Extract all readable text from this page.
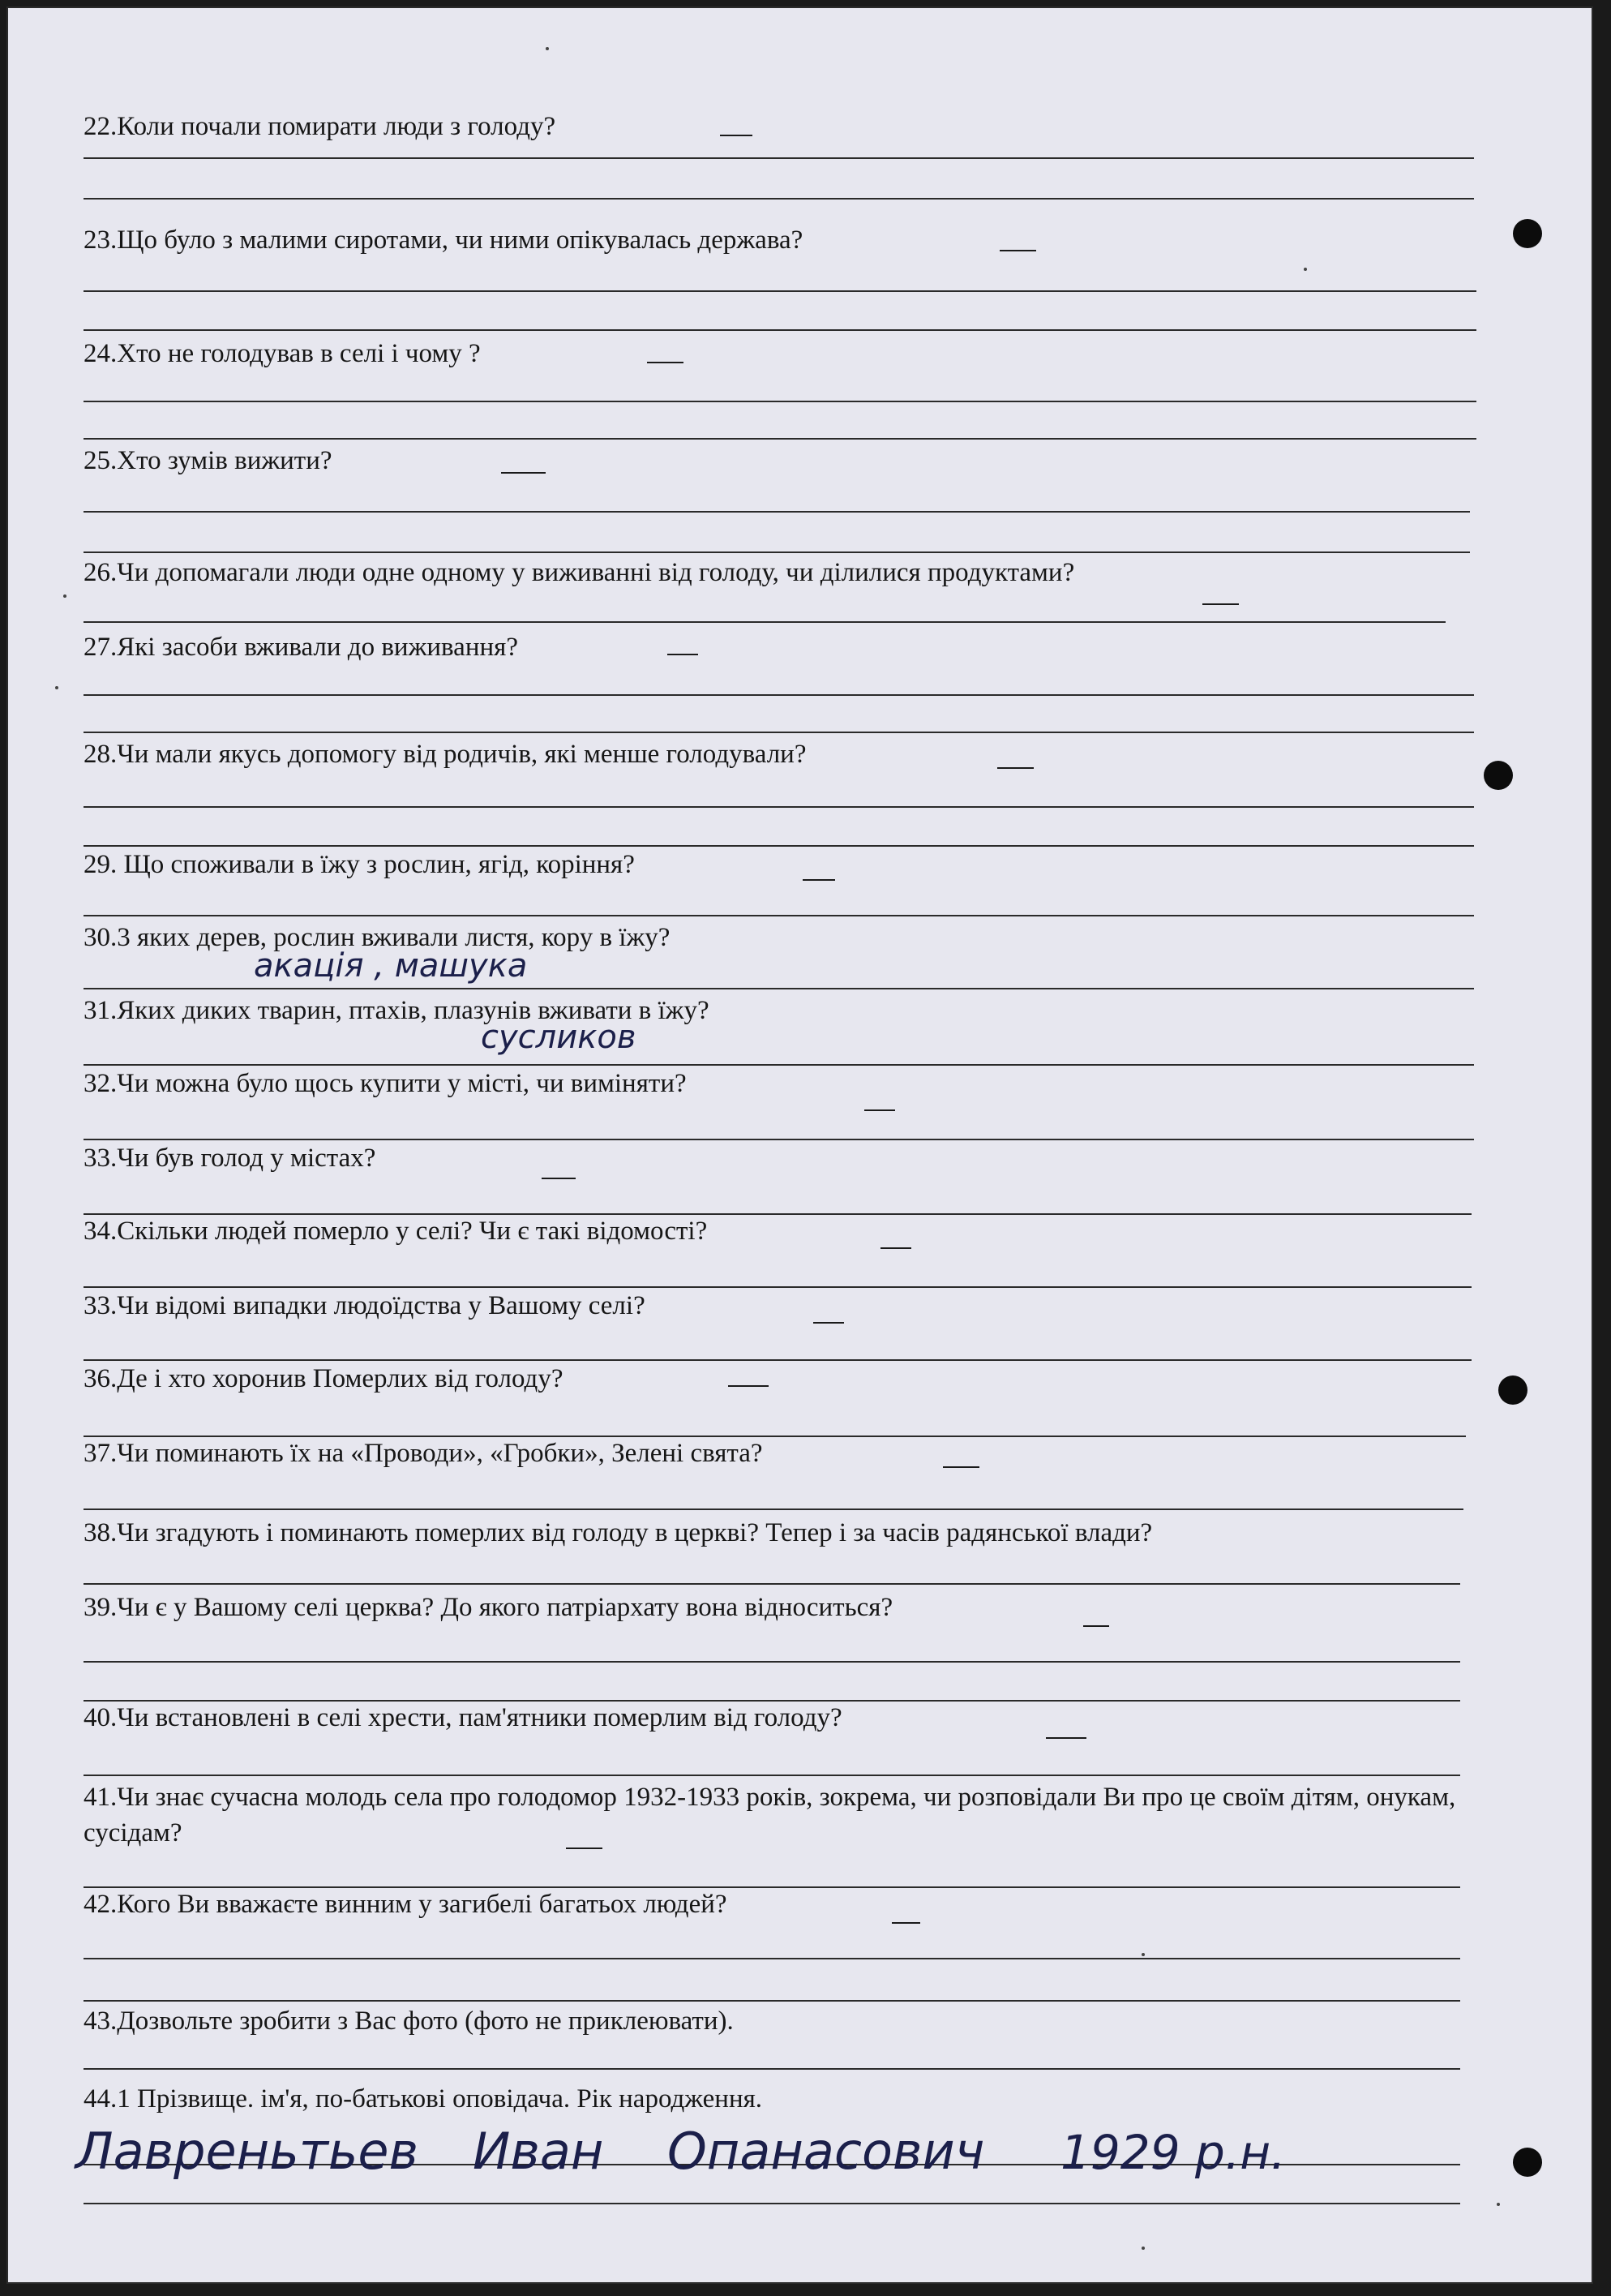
22.Коли почали помирати люди з голоду?
23.Що було з малими сиротами, чи ними опікувалась держава?
24.Хто не голодував в селі і чому ?
25.Хто зумів вижити?
26.Чи допомагали люди одне одному у виживанні від голоду, чи ділилися продуктами?
27.Які засоби вживали до виживання?
28.Чи мали якусь допомогу від родичів, які менше голодували?
29. Що споживали в їжу з рослин, ягід, коріння?
30.3 яких дерев, рослин вживали листя, кору в їжу?
акація , машука
31.Яких диких тварин, птахів, плазунів вживати в їжу?
сусликов
32.Чи можна було щось купити у місті, чи виміняти?
33.Чи був голод у містах?
34.Скільки людей померло у селі? Чи є такі відомості?
33.Чи відомі випадки людоїдства у Вашому селі?
36.Де і хто хоронив Померлих від голоду?
37.Чи поминають їх на «Проводи», «Гробки», Зелені свята?
38.Чи згадують і поминають померлих від голоду в церкві? Тепер і за часів радянської влади?
39.Чи є у Вашому селі церква? До якого патріархату вона відноситься?
40.Чи встановлені в селі хрести, пам'ятники померлим від голоду?
41.Чи знає сучасна молодь села про голодомор 1932-1933 років, зокрема, чи розповідали Ви про це своїм дітям, онукам, сусідам?
42.Кого Ви вважаєте винним у загибелі багатьох людей?
43.Дозвольте зробити з Вас фото (фото не приклеювати).
44.1 Прізвище. ім'я, по-батькові оповідача. Рік народження.
Лавреньтьев Иван Опанасович 1929 р.н.
